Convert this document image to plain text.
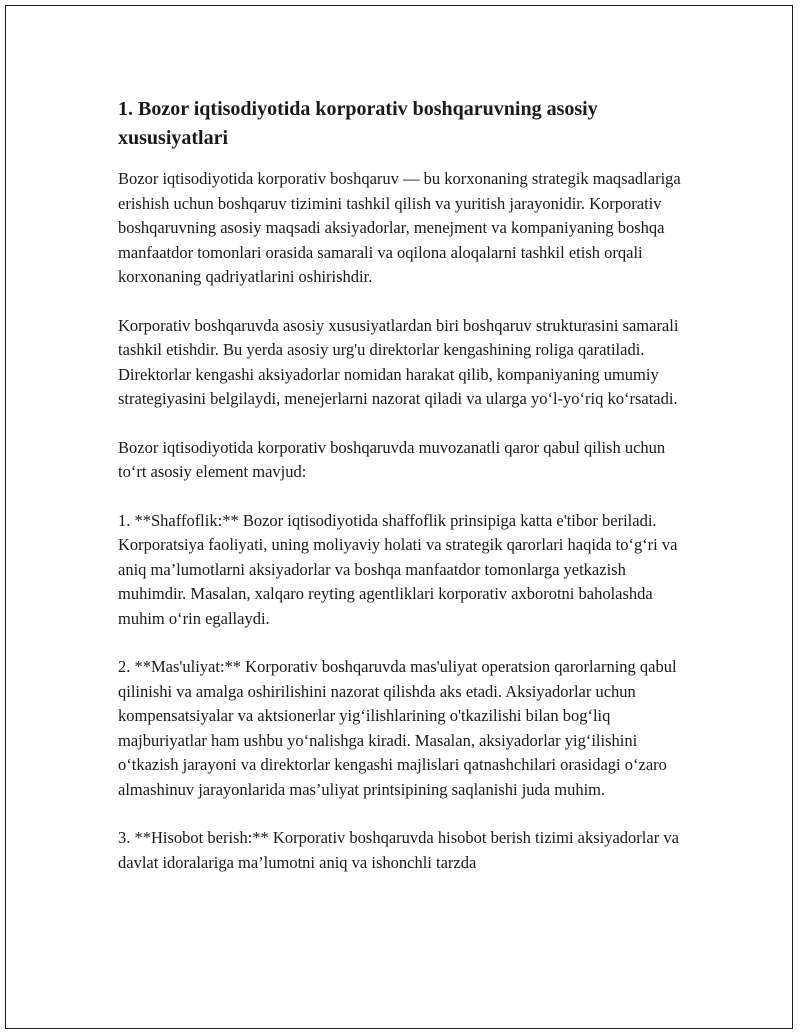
1. Bozor iqtisodiyotida korporativ boshqaruvning asosiy xususiyatlari

Bozor iqtisodiyotida korporativ boshqaruv — bu korxonaning strategik maqsadlariga erishish uchun boshqaruv tizimini tashkil qilish va yuritish jarayonidir. Korporativ boshqaruvning asosiy maqsadi aksiyadorlar, menejment va kompaniyaning boshqa manfaatdor tomonlari orasida samarali va oqilona aloqalarni tashkil etish orqali korxonaning qadriyatlarini oshirishdir.

Korporativ boshqaruvda asosiy xususiyatlardan biri boshqaruv strukturasini samarali tashkil etishdir. Bu yerda asosiy urg'u direktorlar kengashining roliga qaratiladi. Direktorlar kengashi aksiyadorlar nomidan harakat qilib, kompaniyaning umumiy strategiyasini belgilaydi, menejerlarni nazorat qiladi va ularga yo‘l-yo‘riq ko‘rsatadi.

Bozor iqtisodiyotida korporativ boshqaruvda muvozanatli qaror qabul qilish uchun to‘rt asosiy element mavjud:

1. **Shaffoflik:** Bozor iqtisodiyotida shaffoflik prinsipiga katta e'tibor beriladi. Korporatsiya faoliyati, uning moliyaviy holati va strategik qarorlari haqida to‘g‘ri va aniq ma’lumotlarni aksiyadorlar va boshqa manfaatdor tomonlarga yetkazish muhimdir. Masalan, xalqaro reyting agentliklari korporativ axborotni baholashda muhim o‘rin egallaydi.

2. **Mas'uliyat:** Korporativ boshqaruvda mas'uliyat operatsion qarorlarning qabul qilinishi va amalga oshirilishini nazorat qilishda aks etadi. Aksiyadorlar uchun kompensatsiyalar va aktsionerlar yig‘ilishlarining o'tkazilishi bilan bog‘liq majburiyatlar ham ushbu yo‘nalishga kiradi. Masalan, aksiyadorlar yig‘ilishini o‘tkazish jarayoni va direktorlar kengashi majlislari qatnashchilari orasidagi o‘zaro almashinuv jarayonlarida mas’uliyat printsipining saqlanishi juda muhim.

3. **Hisobot berish:** Korporativ boshqaruvda hisobot berish tizimi aksiyadorlar va davlat idoralariga ma’lumotni aniq va ishonchli tarzda
